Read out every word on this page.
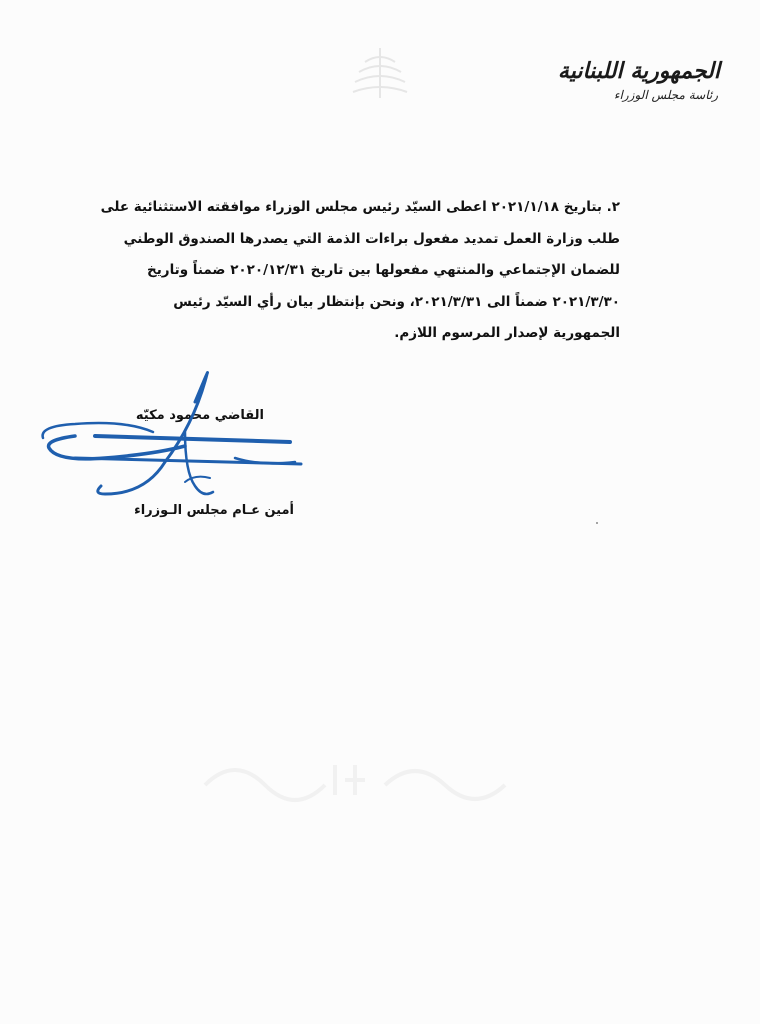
الجمهورية اللبنانية
رئاسة مجلس الوزراء
٢. بتاريخ ٢٠٢١/١/١٨ اعطى السيّد رئيس مجلس الوزراء موافقته الاستثنائية على
طلب وزارة العمل تمديد مفعول براءات الذمة التي يصدرها الصندوق الوطني
للضمان الإجتماعي والمنتهي مفعولها بين تاريخ ٢٠٢٠/١٢/٣١ ضمناً وتاريخ
٢٠٢١/٣/٣٠ ضمناً الى ٢٠٢١/٣/٣١، ونحن بإنتظار بيان رأي السيّد رئيس
الجمهورية لإصدار المرسوم اللازم.
القاضي محمود مكيّه
أمين عـام مجلس الـوزراء
